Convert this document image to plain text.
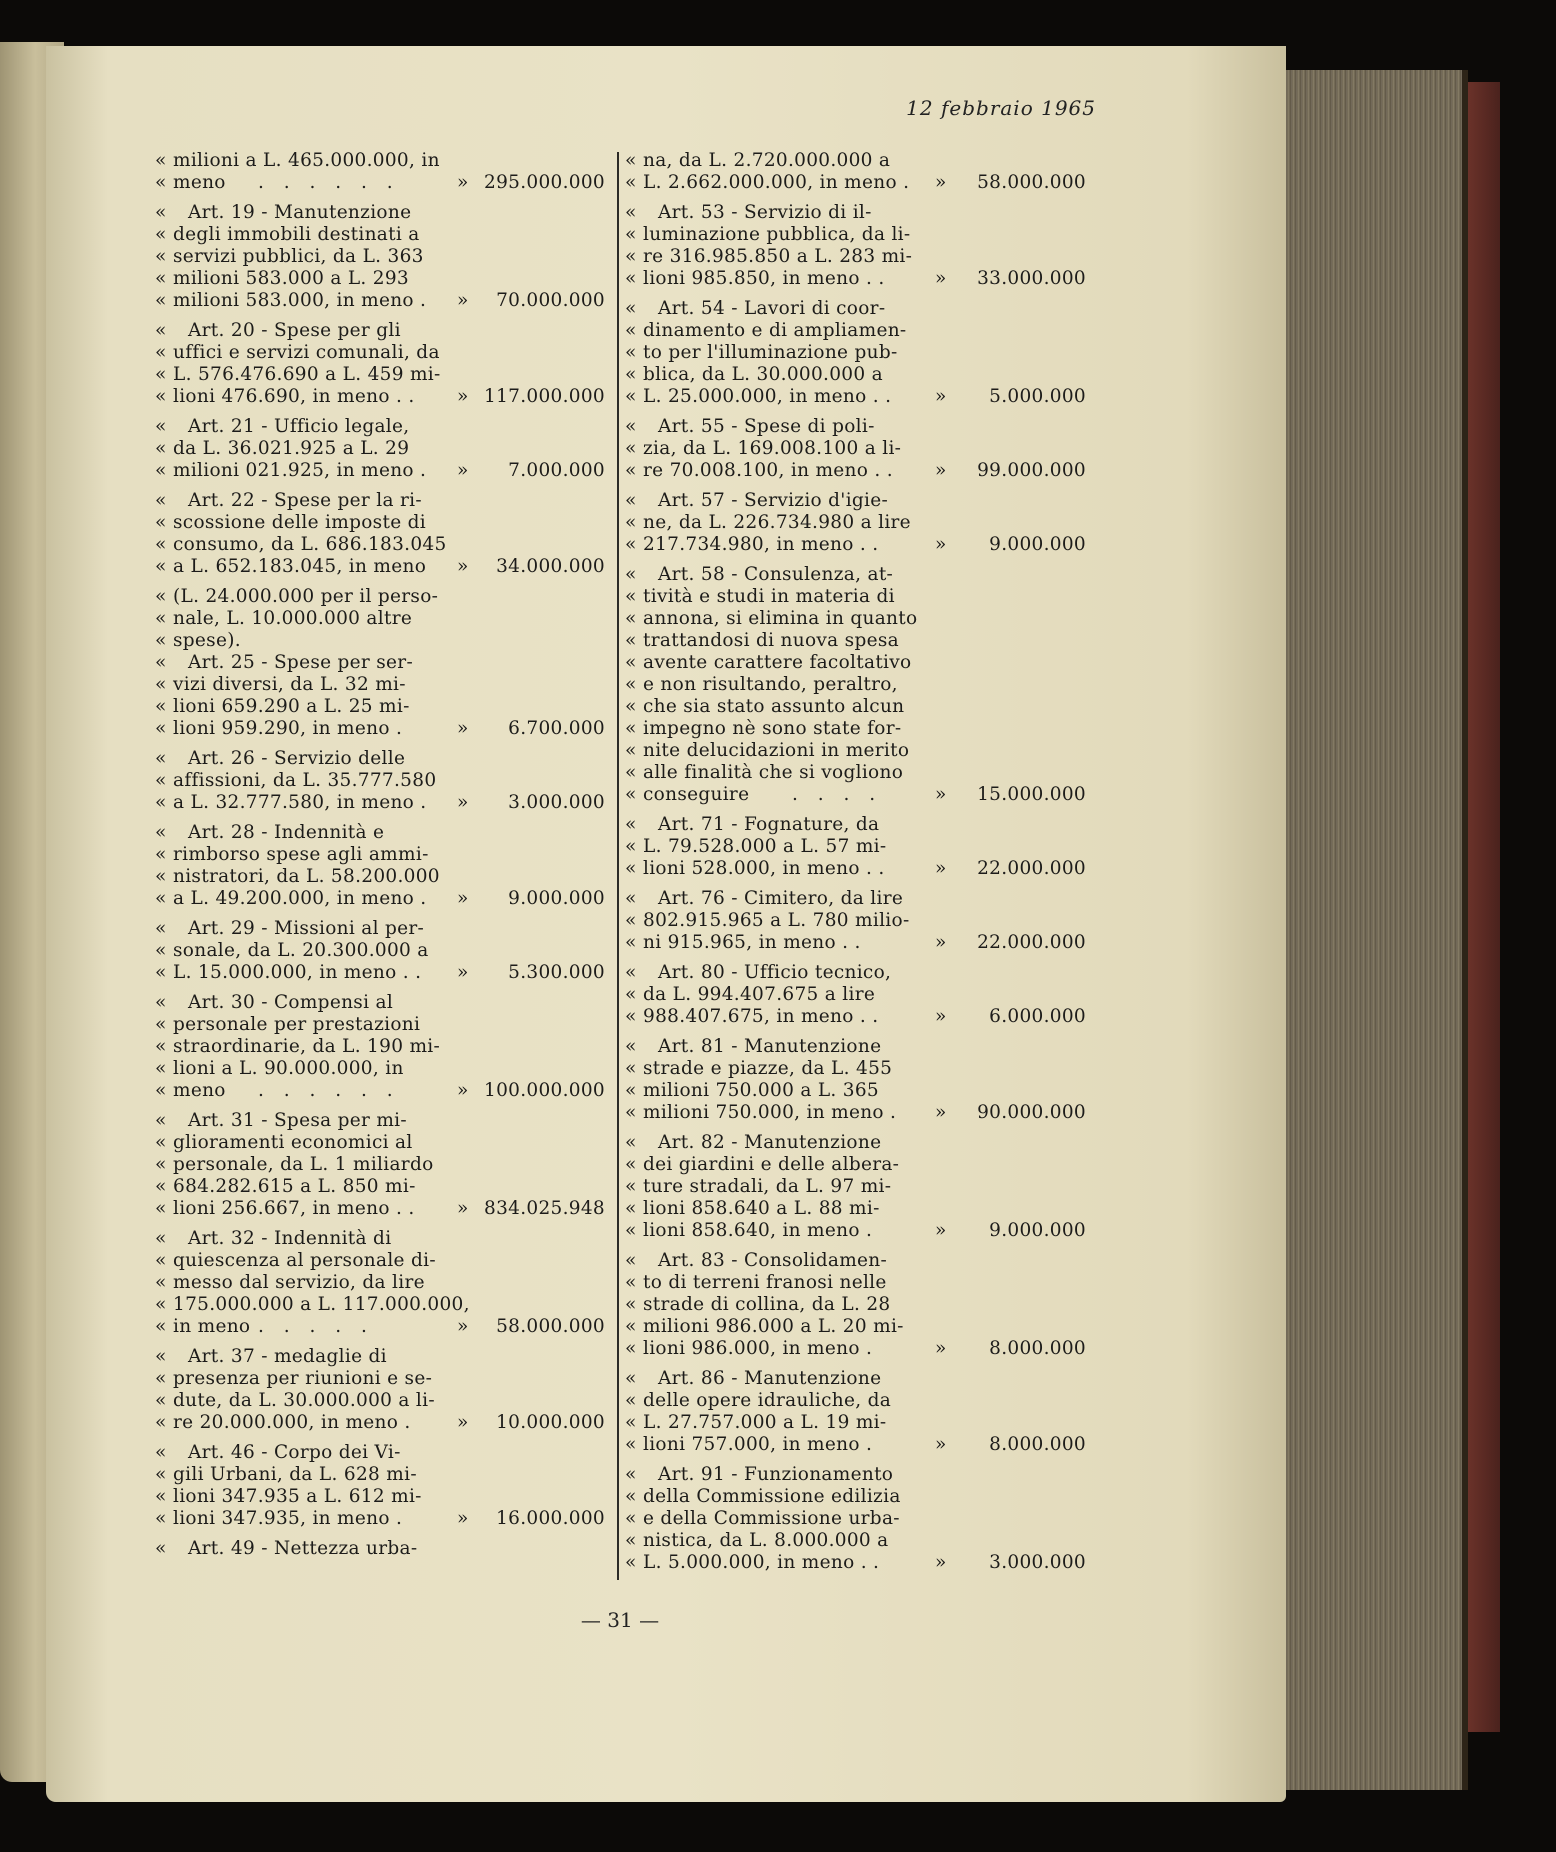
12 febbraio 1965
« milioni a L. 465.000.000, in
« meno . . . . . .	» 295.000.000
« Art. 19 - Manutenzione
« degli immobili destinati a
« servizi pubblici, da L. 363
« milioni 583.000 a L. 293
« milioni 583.000, in meno . »	70.000.000
« Art. 20 - Spese per gli
« uffici e servizi comunali, da
« L. 576.476.690 a L. 459 mi-
« lioni 476.690, in meno . . » 117.000.000
« Art. 21 - Ufficio legale,
« da L. 36.021.925 a L. 29
« milioni 021.925, in meno . »	7.000.000
« Art. 22 - Spese per la ri-
« scossione delle imposte di
« consumo, da L. 686.183.045
« a L. 652.183.045, in meno »	34.000.000
« (L. 24.000.000 per il perso-
« nale, L. 10.000.000 altre
« spese).
« Art. 25 - Spese per ser-
« vizi diversi, da L. 32 mi-
« lioni 659.290 a L. 25 mi-
« lioni 959.290, in meno .	»	6.700.000
« Art. 26 - Servizio delle
« affissioni, da L. 35.777.580
« a L. 32.777.580, in meno . »	3.000.000
« Art. 28 - Indennità e
« rimborso spese agli ammi-
« nistratori, da L. 58.200.000
« a L. 49.200.000, in meno . »	9.000.000
« Art. 29 - Missioni al per-
« sonale, da L. 20.300.000 a
« L. 15.000.000, in meno . . »	5.300.000
« Art. 30 - Compensi al
« personale per prestazioni
« straordinarie, da L. 190 mi-
« lioni a L. 90.000.000, in
« meno . . . . . .	» 100.000.000
« Art. 31 - Spesa per mi-
« glioramenti economici al
« personale, da L. 1 miliardo
« 684.282.615 a L. 850 mi-
« lioni 256.667, in meno . . » 834.025.948
« Art. 32 - Indennità di
« quiescenza al personale di-
« messo dal servizio, da lire
« 175.000.000 a L. 117.000.000,
« in meno . . . . .	»	58.000.000
« Art. 37 - medaglie di
« presenza per riunioni e se-
« dute, da L. 30.000.000 a li-
« re 20.000.000, in meno .	»	10.000.000
« Art. 46 - Corpo dei Vi-
« gili Urbani, da L. 628 mi-
« lioni 347.935 a L. 612 mi-
« lioni 347.935, in meno .	»	16.000.000
« Art. 49 - Nettezza urba-
« na, da L. 2.720.000.000 a
« L. 2.662.000.000, in meno . »	58.000.000
« Art. 53 - Servizio di il-
« luminazione pubblica, da li-
« re 316.985.850 a L. 283 mi-
« lioni 985.850, in meno . .	»	33.000.000
« Art. 54 - Lavori di coor-
« dinamento e di ampliamen-
« to per l'illuminazione pub-
« blica, da L. 30.000.000 a
« L. 25.000.000, in meno . . »	5.000.000
« Art. 55 - Spese di poli-
« zia, da L. 169.008.100 a li-
« re 70.008.100, in meno . . »	99.000.000
« Art. 57 - Servizio d'igie-
« ne, da L. 226.734.980 a lire
« 217.734.980, in meno . .	»	9.000.000
« Art. 58 - Consulenza, at-
« tività e studi in materia di
« annona, si elimina in quanto
« trattandosi di nuova spesa
« avente carattere facoltativo
« e non risultando, peraltro,
« che sia stato assunto alcun
« impegno nè sono state for-
« nite delucidazioni in merito
« alle finalità che si vogliono
« conseguire . . . .	»	15.000.000
« Art. 71 - Fognature, da
« L. 79.528.000 a L. 57 mi-
« lioni 528.000, in meno . .	»	22.000.000
« Art. 76 - Cimitero, da lire
« 802.915.965 a L. 780 milio-
« ni 915.965, in meno . .	»	22.000.000
« Art. 80 - Ufficio tecnico,
« da L. 994.407.675 a lire
« 988.407.675, in meno . .	»	6.000.000
« Art. 81 - Manutenzione
« strade e piazze, da L. 455
« milioni 750.000 a L. 365
« milioni 750.000, in meno . »	90.000.000
« Art. 82 - Manutenzione
« dei giardini e delle albera-
« ture stradali, da L. 97 mi-
« lioni 858.640 a L. 88 mi-
« lioni 858.640, in meno .	»	9.000.000
« Art. 83 - Consolidamen-
« to di terreni franosi nelle
« strade di collina, da L. 28
« milioni 986.000 a L. 20 mi-
« lioni 986.000, in meno .	»	8.000.000
« Art. 86 - Manutenzione
« delle opere idrauliche, da
« L. 27.757.000 a L. 19 mi-
« lioni 757.000, in meno .	»	8.000.000
« Art. 91 - Funzionamento
« della Commissione edilizia
« e della Commissione urba-
« nistica, da L. 8.000.000 a
« L. 5.000.000, in meno . .	»	3.000.000
— 31 —
